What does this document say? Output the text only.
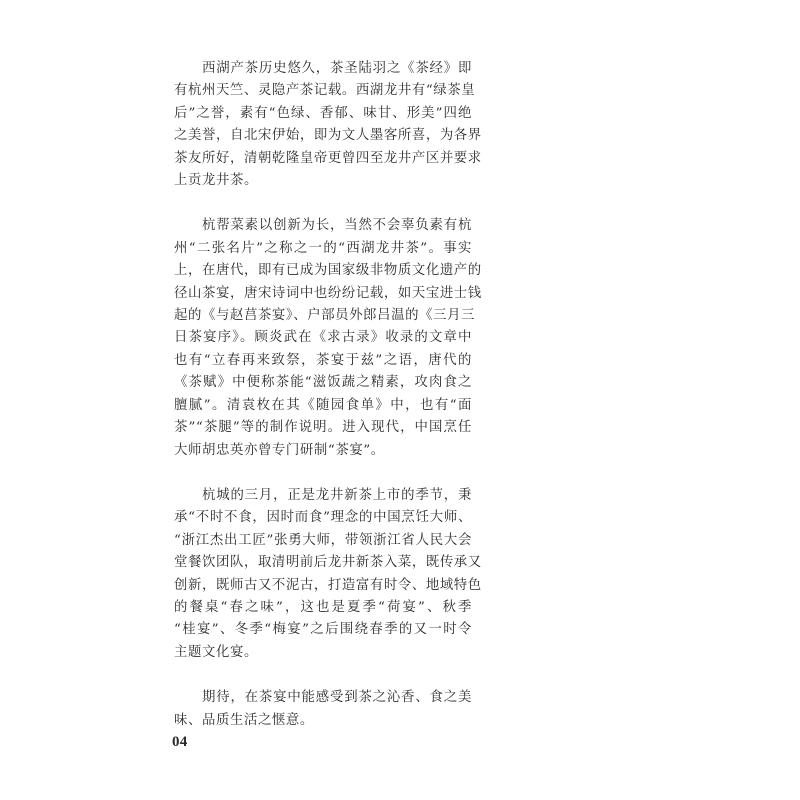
西湖产茶历史悠久，茶圣陆羽之《茶经》即
有杭州天竺、灵隐产茶记载。西湖龙井有“绿茶皇
后”之誉，素有“色绿、香郁、味甘、形美”四绝
之美誉，自北宋伊始，即为文人墨客所喜，为各界
茶友所好，清朝乾隆皇帝更曾四至龙井产区并要求
上贡龙井茶。

杭帮菜素以创新为长，当然不会辜负素有杭
州“二张名片”之称之一的“西湖龙井茶”。事实
上，在唐代，即有已成为国家级非物质文化遗产的
径山茶宴，唐宋诗词中也纷纷记载，如天宝进士钱
起的《与赵莒茶宴》、户部员外郎吕温的《三月三
日茶宴序》。顾炎武在《求古录》收录的文章中
也有“立春再来致祭，茶宴于兹”之语，唐代的
《茶赋》中便称茶能“滋饭蔬之精素，攻肉食之
膻腻”。清袁枚在其《随园食单》中，也有“面
茶”“茶腿”等的制作说明。进入现代，中国烹任
大师胡忠英亦曾专门研制“茶宴”。

杭城的三月，正是龙井新茶上市的季节，秉
承“不时不食，因时而食”理念的中国烹饪大师、
“浙江杰出工匠”张勇大师，带领浙江省人民大会
堂餐饮团队，取清明前后龙井新茶入菜，既传承又
创新，既师古又不泥古，打造富有时令、地域特色
的餐桌“春之味”，这也是夏季“荷宴”、秋季
“桂宴”、冬季“梅宴”之后围绕春季的又一时令
主题文化宴。

期待，在茶宴中能感受到茶之沁香、食之美
味、品质生活之惬意。

04
